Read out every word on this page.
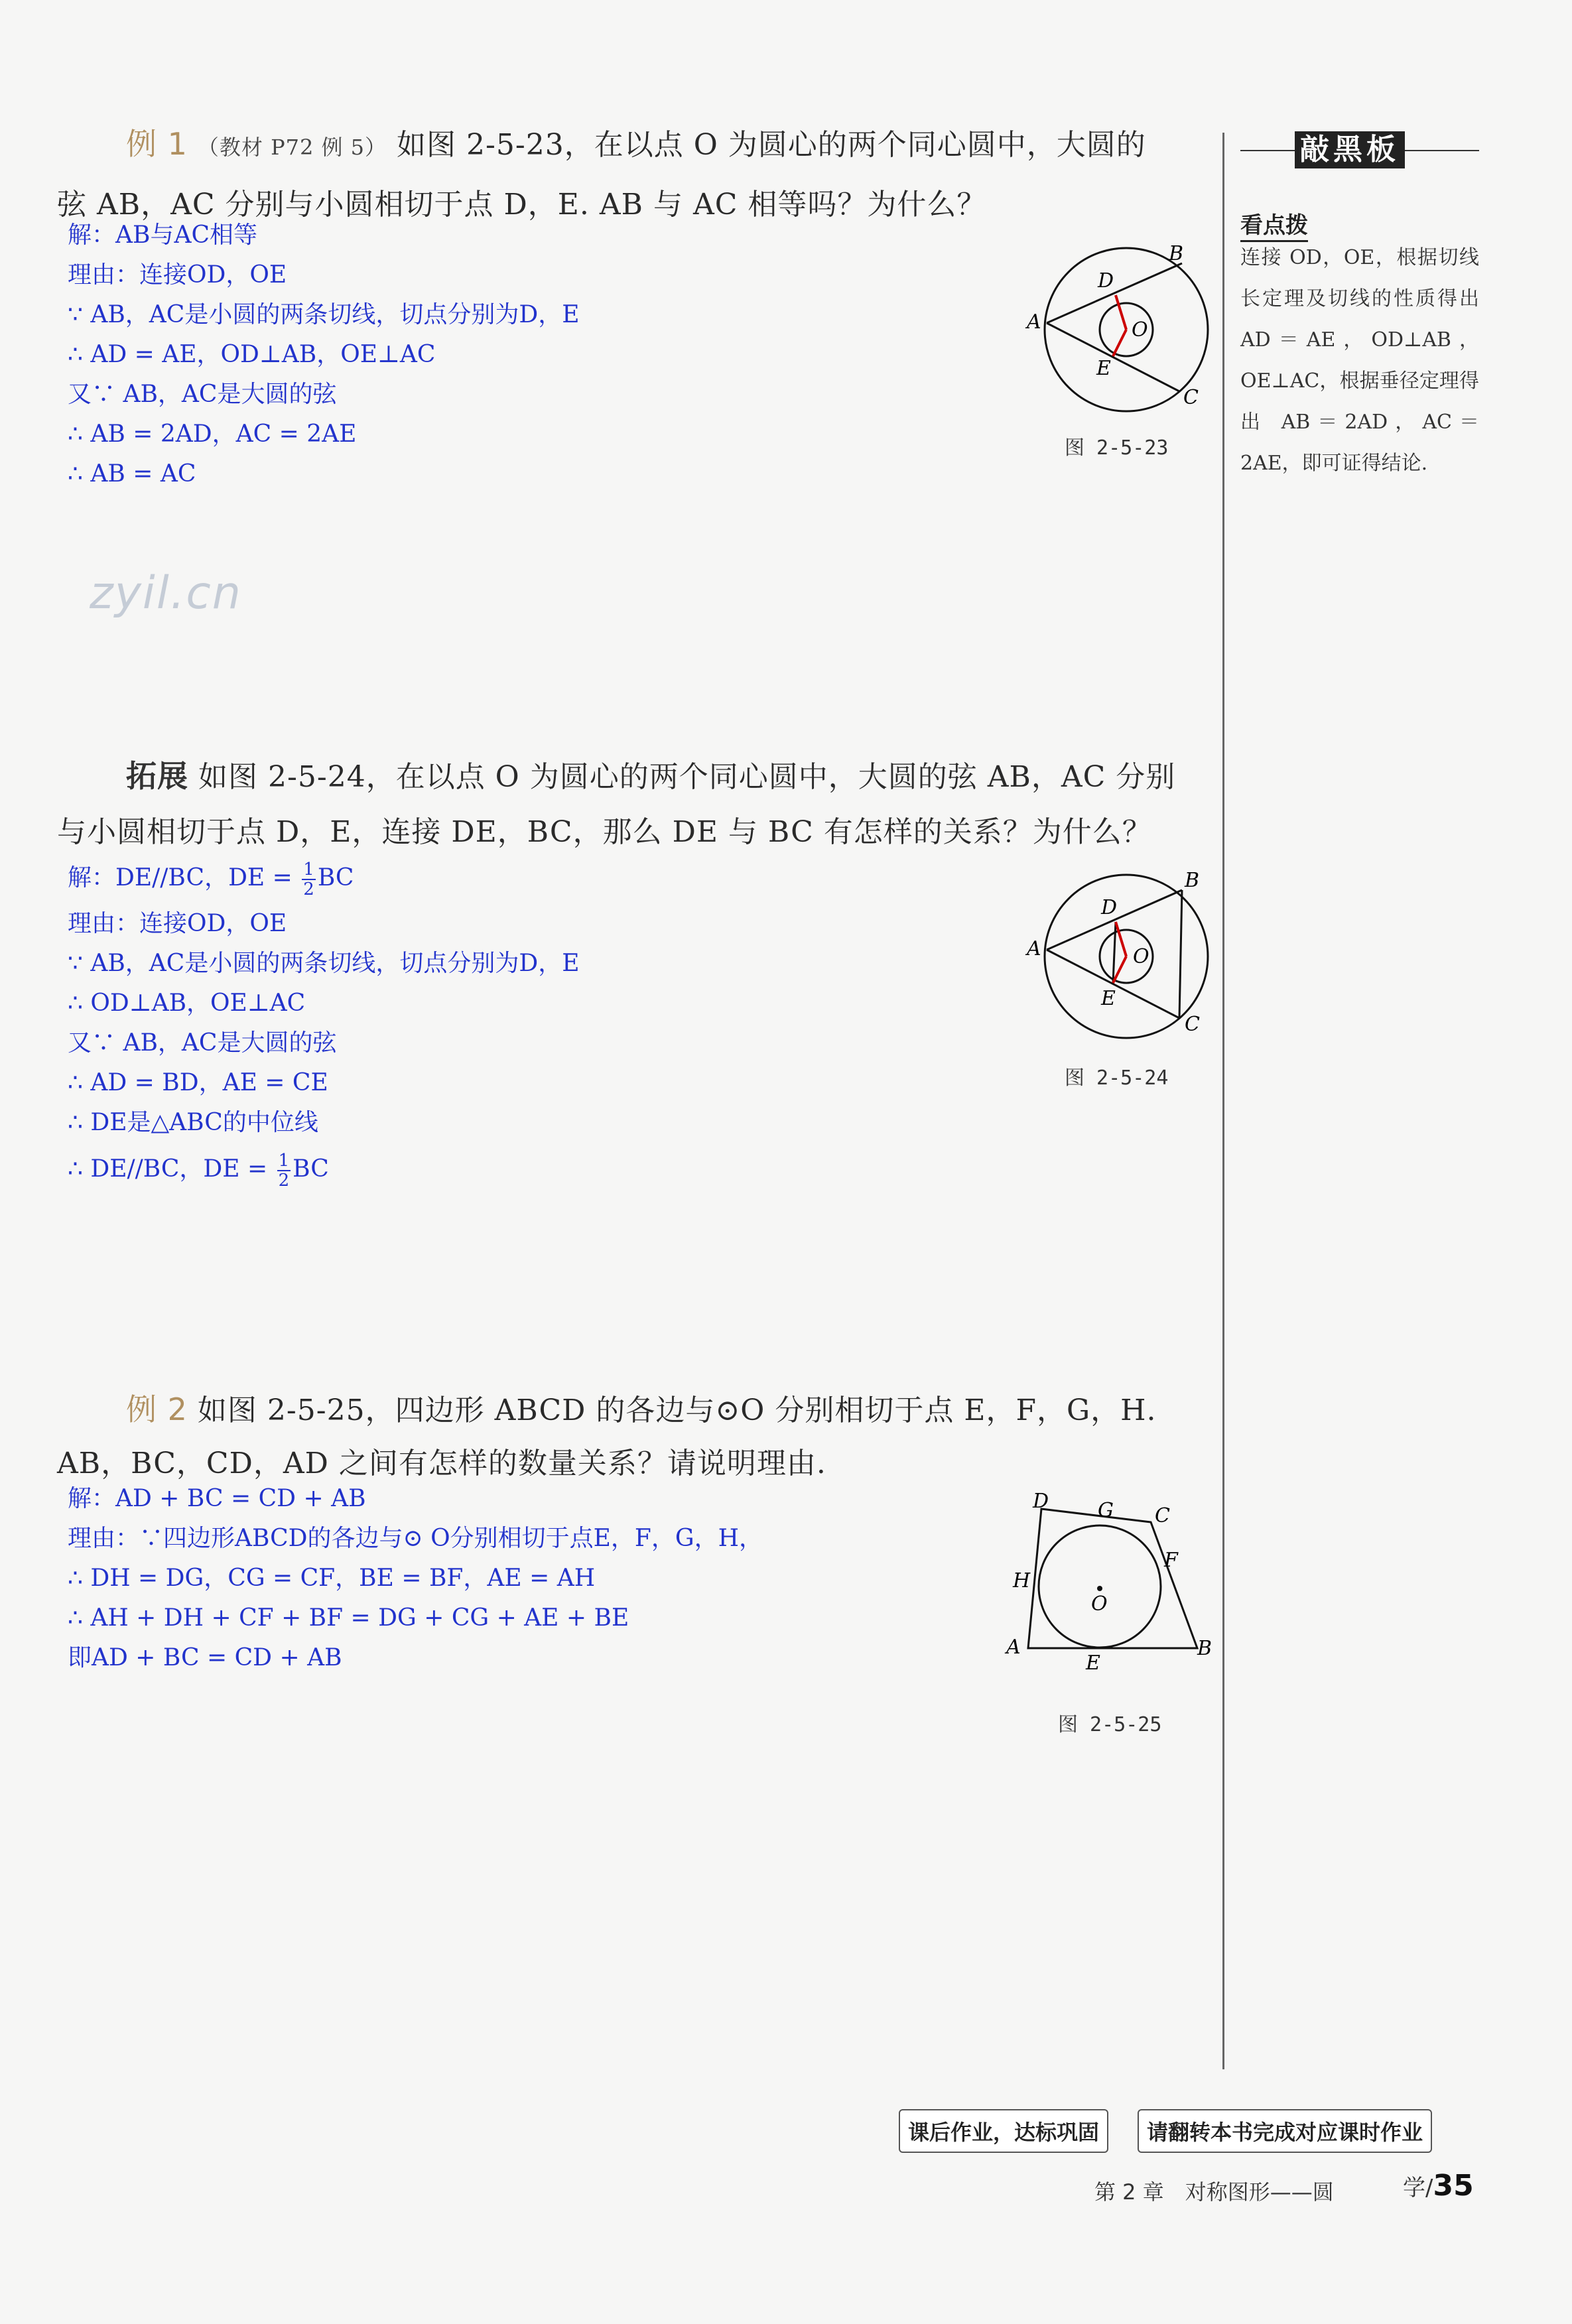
例 1 （教材 P72 例 5） 如图 2-5-23，在以点 O 为圆心的两个同心圆中，大圆的
弦 AB，AC 分别与小圆相切于点 D，E. AB 与 AC 相等吗？为什么？
解：AB与AC相等
理由：连接OD，OE
∵ AB，AC是小圆的两条切线，切点分别为D，E
∴ AD = AE，OD⊥AB，OE⊥AC
又∵ AB，AC是大圆的弦
∴ AB = 2AD，AC = 2AE
∴ AB = AC
A
B
C
D
E
O
图 2-5-23
zyil.cn
拓展 如图 2-5-24，在以点 O 为圆心的两个同心圆中，大圆的弦 AB，AC 分别
与小圆相切于点 D，E，连接 DE，BC，那么 DE 与 BC 有怎样的关系？为什么？
解：DE//BC，DE = $\frac{1}{2}$ BC
理由：连接OD，OE
∵ AB，AC是小圆的两条切线，切点分别为D，E
∴ OD⊥AB，OE⊥AC
又∵ AB，AC是大圆的弦
∴ AD = BD，AE = CE
∴ DE是△ABC的中位线
∴ DE//BC，DE = $\frac{1}{2}$ BC
A
B
C
D
E
O
图 2-5-24
例 2 如图 2-5-25，四边形 ABCD 的各边与⊙O 分别相切于点 E，F，G，H.
AB，BC，CD，AD 之间有怎样的数量关系？请说明理由.
解：AD + BC = CD + AB
理由：∵四边形ABCD的各边与⊙ O分别相切于点E，F，G，H，
∴ DH = DG，CG = CF，BE = BF，AE = AH
∴ AH + DH + CF + BF = DG + CG + AE + BE
即AD + BC = CD + AB
D G C
F
H
O
A
E
B
图 2-5-25
敲黑板
看点拨
连接 OD，OE，根据切线长定理及切线的性质得出 AD＝AE，OD⊥AB，OE⊥AC，根据垂径定理得出 AB＝2AD，AC＝2AE，即可证得结论.
课后作业，达标巩固	请翻转本书完成对应课时作业
第 2 章　对称图形——圆	学/35
